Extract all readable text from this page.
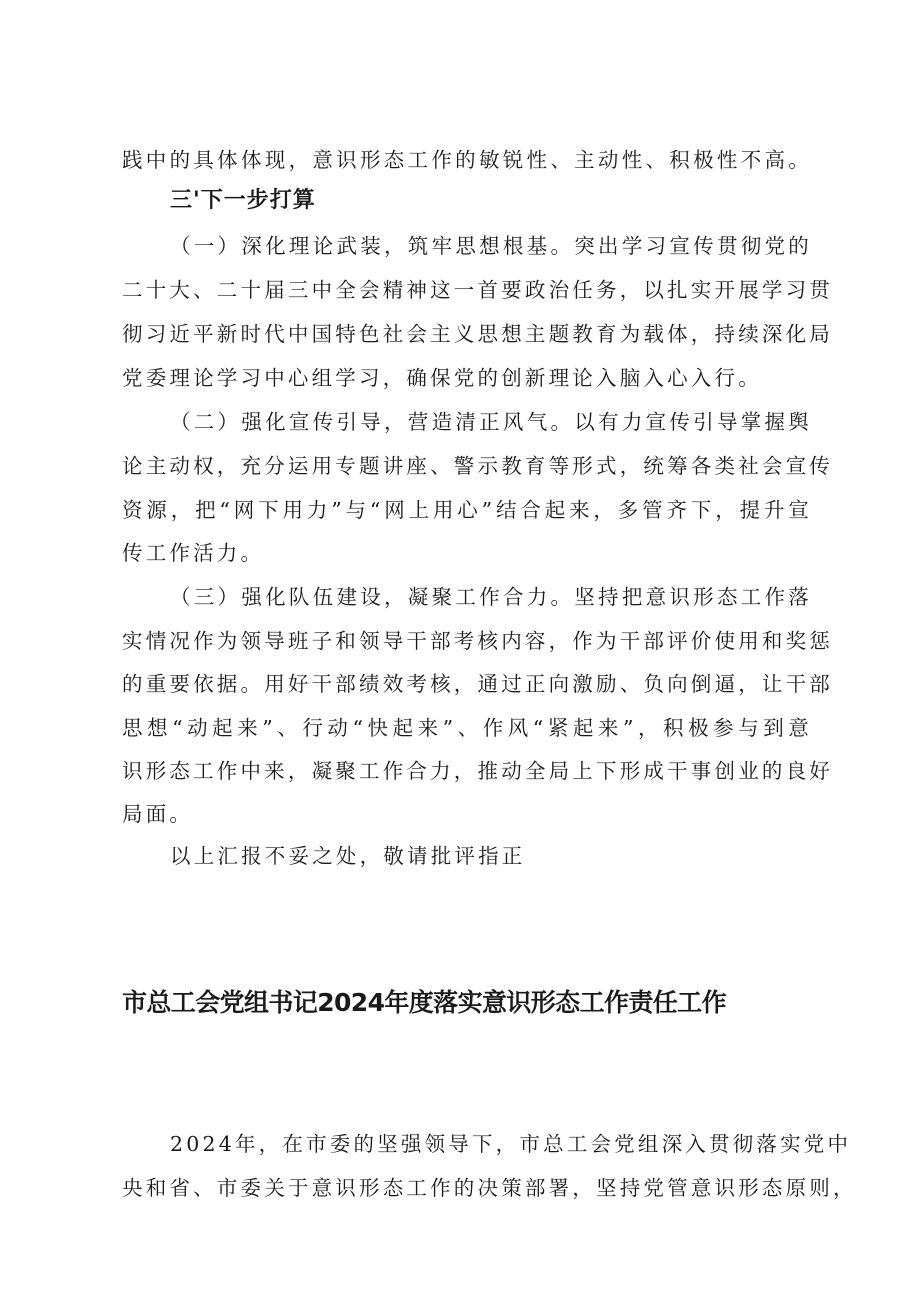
践中的具体体现，意识形态工作的敏锐性、主动性、积极性不高。

三'下一步打算

（一）深化理论武装，筑牢思想根基。突出学习宣传贯彻党的

二十大、二十届三中全会精神这一首要政治任务，以扎实开展学习贯

彻习近平新时代中国特色社会主义思想主题教育为载体，持续深化局

党委理论学习中心组学习，确保党的创新理论入脑入心入行。

（二）强化宣传引导，营造清正风气。以有力宣传引导掌握舆

论主动权，充分运用专题讲座、警示教育等形式，统筹各类社会宣传

资源，把“网下用力”与“网上用心”结合起来，多管齐下，提升宣

传工作活力。

（三）强化队伍建设，凝聚工作合力。坚持把意识形态工作落

实情况作为领导班子和领导干部考核内容，作为干部评价使用和奖惩

的重要依据。用好干部绩效考核，通过正向激励、负向倒逼，让干部

思想“动起来”、行动“快起来”、作风“紧起来”，积极参与到意

识形态工作中来，凝聚工作合力，推动全局上下形成干事创业的良好

局面。

以上汇报不妥之处，敬请批评指正

市总工会党组书记2024年度落实意识形态工作责任工作

2024年，在市委的坚强领导下，市总工会党组深入贯彻落实党中

央和省、市委关于意识形态工作的决策部署，坚持党管意识形态原则，
